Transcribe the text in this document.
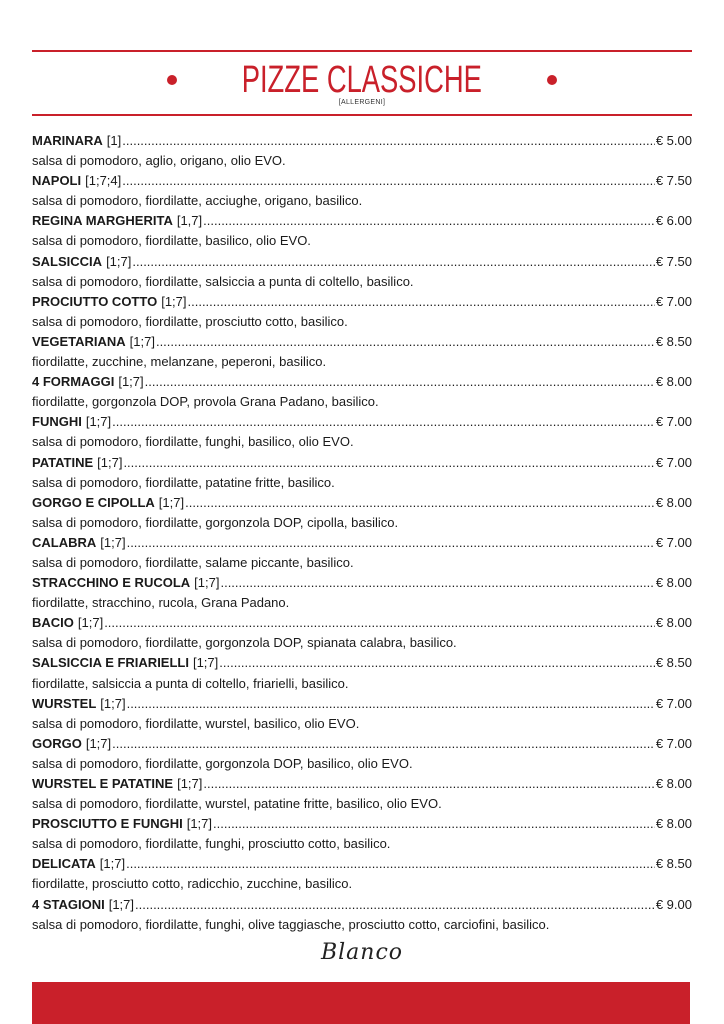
PIZZE CLASSICHE
[ALLERGENI]
MARINARA [1] .....	€ 5.00
salsa di pomodoro, aglio, origano, olio EVO.
NAPOLI [1;7;4] .....	€ 7.50
salsa di pomodoro, fiordilatte, acciughe, origano, basilico.
REGINA MARGHERITA [1,7] .....	€ 6.00
salsa di pomodoro, fiordilatte, basilico, olio EVO.
SALSICCIA [1;7] .....	€ 7.50
salsa di pomodoro, fiordilatte, salsiccia a punta di coltello, basilico.
PROCIUTTO COTTO [1;7] .....	€ 7.00
salsa di pomodoro, fiordilatte, prosciutto cotto, basilico.
VEGETARIANA [1;7] .....	€ 8.50
fiordilatte, zucchine, melanzane, peperoni, basilico.
4 FORMAGGI [1;7] .....	€ 8.00
fiordilatte, gorgonzola DOP, provola Grana Padano, basilico.
FUNGHI [1;7] .....	€ 7.00
salsa di pomodoro, fiordilatte, funghi, basilico, olio EVO.
PATATINE [1;7] .....	€ 7.00
salsa di pomodoro, fiordilatte, patatine fritte, basilico.
GORGO E CIPOLLA [1;7] .....	€ 8.00
salsa di pomodoro, fiordilatte, gorgonzola DOP, cipolla, basilico.
CALABRA [1;7] .....	€ 7.00
salsa di pomodoro, fiordilatte, salame piccante, basilico.
STRACCHINO E RUCOLA [1;7] .....	€ 8.00
fiordilatte, stracchino, rucola, Grana Padano.
BACIO [1;7] .....	€ 8.00
salsa di pomodoro, fiordilatte, gorgonzola DOP, spianata calabra, basilico.
SALSICCIA E FRIARIELLI [1;7] .....	€ 8.50
fiordilatte, salsiccia a punta di coltello, friarielli, basilico.
WURSTEL [1;7] .....	€ 7.00
salsa di pomodoro, fiordilatte, wurstel, basilico, olio EVO.
GORGO [1;7] .....	€ 7.00
salsa di pomodoro, fiordilatte, gorgonzola DOP, basilico, olio EVO.
WURSTEL E PATATINE [1;7] .....	€ 8.00
salsa di pomodoro, fiordilatte, wurstel, patatine fritte, basilico, olio EVO.
PROSCIUTTO E FUNGHI [1;7] .....	€ 8.00
salsa di pomodoro, fiordilatte, funghi, prosciutto cotto, basilico.
DELICATA [1;7] .....	€ 8.50
fiordilatte, prosciutto cotto, radicchio, zucchine, basilico.
4 STAGIONI [1;7] .....	€ 9.00
salsa di pomodoro, fiordilatte, funghi, olive taggiasche, prosciutto cotto, carciofini, basilico.
Blanco
